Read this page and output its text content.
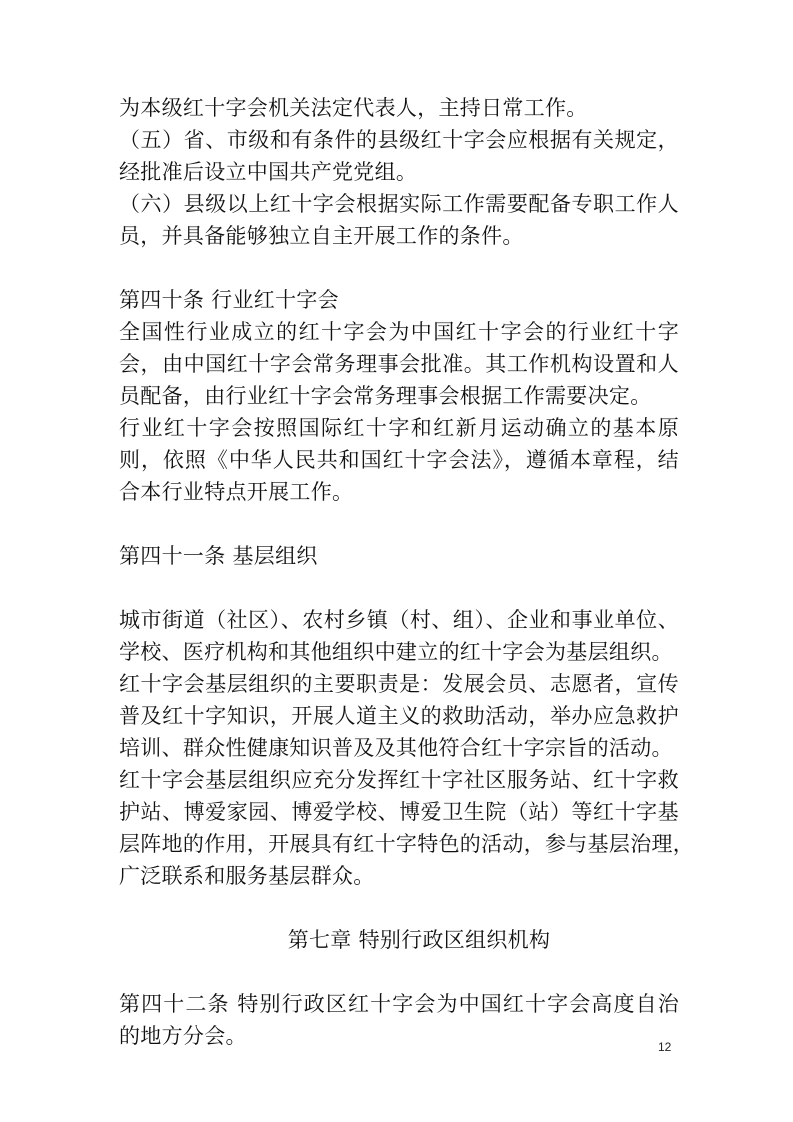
为本级红十字会机关法定代表人，主持日常工作。
（五）省、市级和有条件的县级红十字会应根据有关规定，
经批准后设立中国共产党党组。
（六）县级以上红十字会根据实际工作需要配备专职工作人
员，并具备能够独立自主开展工作的条件。
第四十条 行业红十字会
全国性行业成立的红十字会为中国红十字会的行业红十字
会，由中国红十字会常务理事会批准。其工作机构设置和人
员配备，由行业红十字会常务理事会根据工作需要决定。
行业红十字会按照国际红十字和红新月运动确立的基本原
则，依照《中华人民共和国红十字会法》，遵循本章程，结
合本行业特点开展工作。
第四十一条 基层组织
城市街道（社区）、农村乡镇（村、组）、企业和事业单位、
学校、医疗机构和其他组织中建立的红十字会为基层组织。
红十字会基层组织的主要职责是：发展会员、志愿者，宣传
普及红十字知识，开展人道主义的救助活动，举办应急救护
培训、群众性健康知识普及及其他符合红十字宗旨的活动。
红十字会基层组织应充分发挥红十字社区服务站、红十字救
护站、博爱家园、博爱学校、博爱卫生院（站）等红十字基
层阵地的作用，开展具有红十字特色的活动，参与基层治理，
广泛联系和服务基层群众。
第七章 特别行政区组织机构
第四十二条 特别行政区红十字会为中国红十字会高度自治
的地方分会。	12
